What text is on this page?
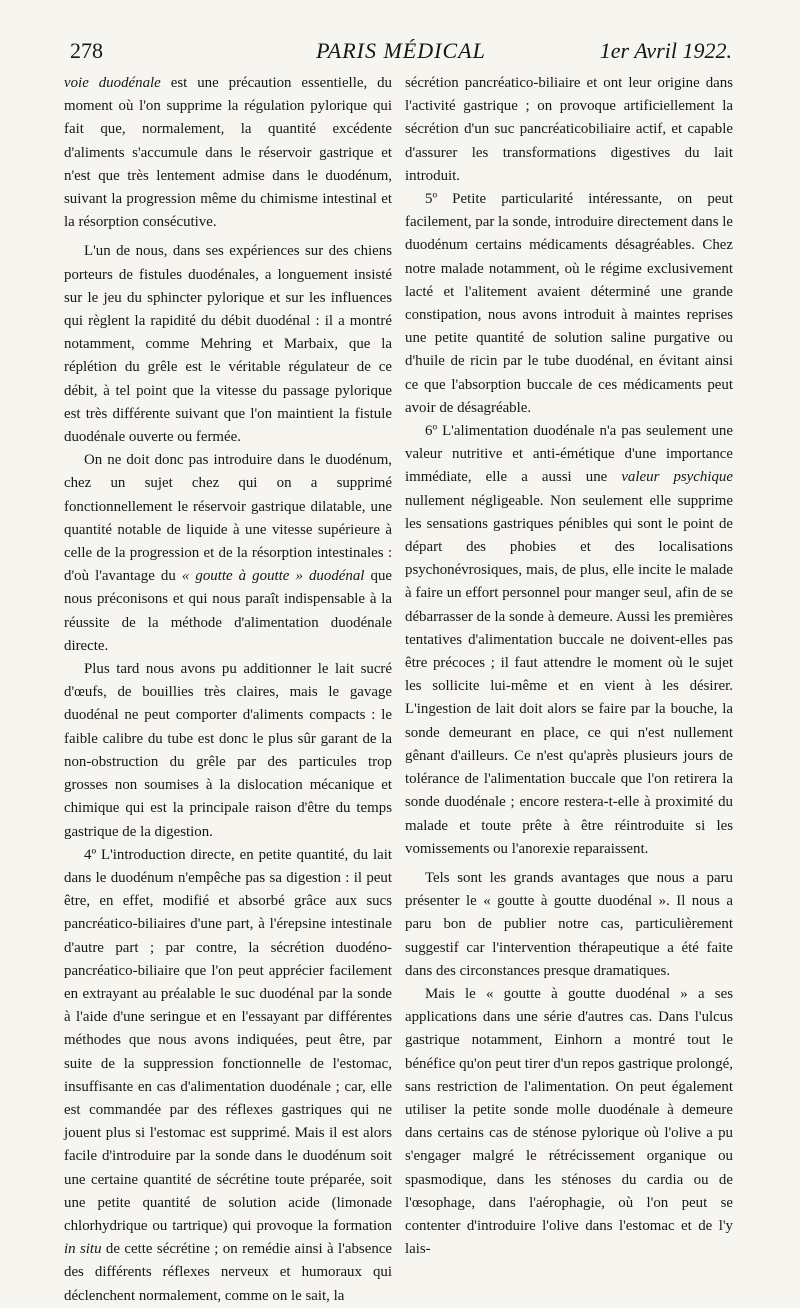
278	PARIS MÉDICAL	1er Avril 1922.

voie duodénale est une précaution essentielle, du moment où l'on supprime la régulation pylorique qui fait que, normalement, la quantité excédente d'aliments s'accumule dans le réservoir gastrique et n'est que très lentement admise dans le duodénum, suivant la progression même du chimisme intestinal et la résorption consécutive.

L'un de nous, dans ses expériences sur des chiens porteurs de fistules duodénales, a longuement insisté sur le jeu du sphincter pylorique et sur les influences qui règlent la rapidité du débit duodénal : il a montré notamment, comme Mehring et Marbaix, que la réplétion du grêle est le véritable régulateur de ce débit, à tel point que la vitesse du passage pylorique est très différente suivant que l'on maintient la fistule duodénale ouverte ou fermée.

On ne doit donc pas introduire dans le duodénum, chez un sujet chez qui on a supprimé fonctionnellement le réservoir gastrique dilatable, une quantité notable de liquide à une vitesse supérieure à celle de la progression et de la résorption intestinales : d'où l'avantage du « goutte à goutte » duodénal que nous préconisons et qui nous paraît indispensable à la réussite de la méthode d'alimentation duodénale directe.

Plus tard nous avons pu additionner le lait sucré d'œufs, de bouillies très claires, mais le gavage duodénal ne peut comporter d'aliments compacts : le faible calibre du tube est donc le plus sûr garant de la non-obstruction du grêle par des particules trop grosses non soumises à la dislocation mécanique et chimique qui est la principale raison d'être du temps gastrique de la digestion.

4º L'introduction directe, en petite quantité, du lait dans le duodénum n'empêche pas sa digestion : il peut être, en effet, modifié et absorbé grâce aux sucs pancréatico-biliaires d'une part, à l'érepsine intestinale d'autre part ; par contre, la sécrétion duodéno-pancréatico-biliaire que l'on peut apprécier facilement en extrayant au préalable le suc duodénal par la sonde à l'aide d'une seringue et en l'essayant par différentes méthodes que nous avons indiquées, peut être, par suite de la suppression fonctionnelle de l'estomac, insuffisante en cas d'alimentation duodénale ; car, elle est commandée par des réflexes gastriques qui ne jouent plus si l'estomac est supprimé. Mais il est alors facile d'introduire par la sonde dans le duodénum soit une certaine quantité de sécrétine toute préparée, soit une petite quantité de solution acide (limonade chlorhydrique ou tartrique) qui provoque la formation in situ de cette sécrétine ; on remédie ainsi à l'absence des différents réflexes nerveux et humoraux qui déclenchent normalement, comme on le sait, la

sécrétion pancréatico-biliaire et ont leur origine dans l'activité gastrique ; on provoque artificiellement la sécrétion d'un suc pancréaticobiliaire actif, et capable d'assurer les transformations digestives du lait introduit.

5º Petite particularité intéressante, on peut facilement, par la sonde, introduire directement dans le duodénum certains médicaments désagréables. Chez notre malade notamment, où le régime exclusivement lacté et l'alitement avaient déterminé une grande constipation, nous avons introduit à maintes reprises une petite quantité de solution saline purgative ou d'huile de ricin par le tube duodénal, en évitant ainsi ce que l'absorption buccale de ces médicaments peut avoir de désagréable.

6º L'alimentation duodénale n'a pas seulement une valeur nutritive et anti-émétique d'une importance immédiate, elle a aussi une valeur psychique nullement négligeable. Non seulement elle supprime les sensations gastriques pénibles qui sont le point de départ des phobies et des localisations psychonévrosiques, mais, de plus, elle incite le malade à faire un effort personnel pour manger seul, afin de se débarrasser de la sonde à demeure. Aussi les premières tentatives d'alimentation buccale ne doivent-elles pas être précoces ; il faut attendre le moment où le sujet les sollicite lui-même et en vient à les désirer. L'ingestion de lait doit alors se faire par la bouche, la sonde demeurant en place, ce qui n'est nullement gênant d'ailleurs. Ce n'est qu'après plusieurs jours de tolérance de l'alimentation buccale que l'on retirera la sonde duodénale ; encore restera-t-elle à proximité du malade et toute prête à être réintroduite si les vomissements ou l'anorexie reparaissent.

Tels sont les grands avantages que nous a paru présenter le « goutte à goutte duodénal ». Il nous a paru bon de publier notre cas, particulièrement suggestif car l'intervention thérapeutique a été faite dans des circonstances presque dramatiques.

Mais le « goutte à goutte duodénal » a ses applications dans une série d'autres cas. Dans l'ulcus gastrique notamment, Einhorn a montré tout le bénéfice qu'on peut tirer d'un repos gastrique prolongé, sans restriction de l'alimentation. On peut également utiliser la petite sonde molle duodénale à demeure dans certains cas de sténose pylorique où l'olive a pu s'engager malgré le rétrécissement organique ou spasmodique, dans les sténoses du cardia ou de l'œsophage, dans l'aérophagie, où l'on peut se contenter d'introduire l'olive dans l'estomac et de l'y lais-
